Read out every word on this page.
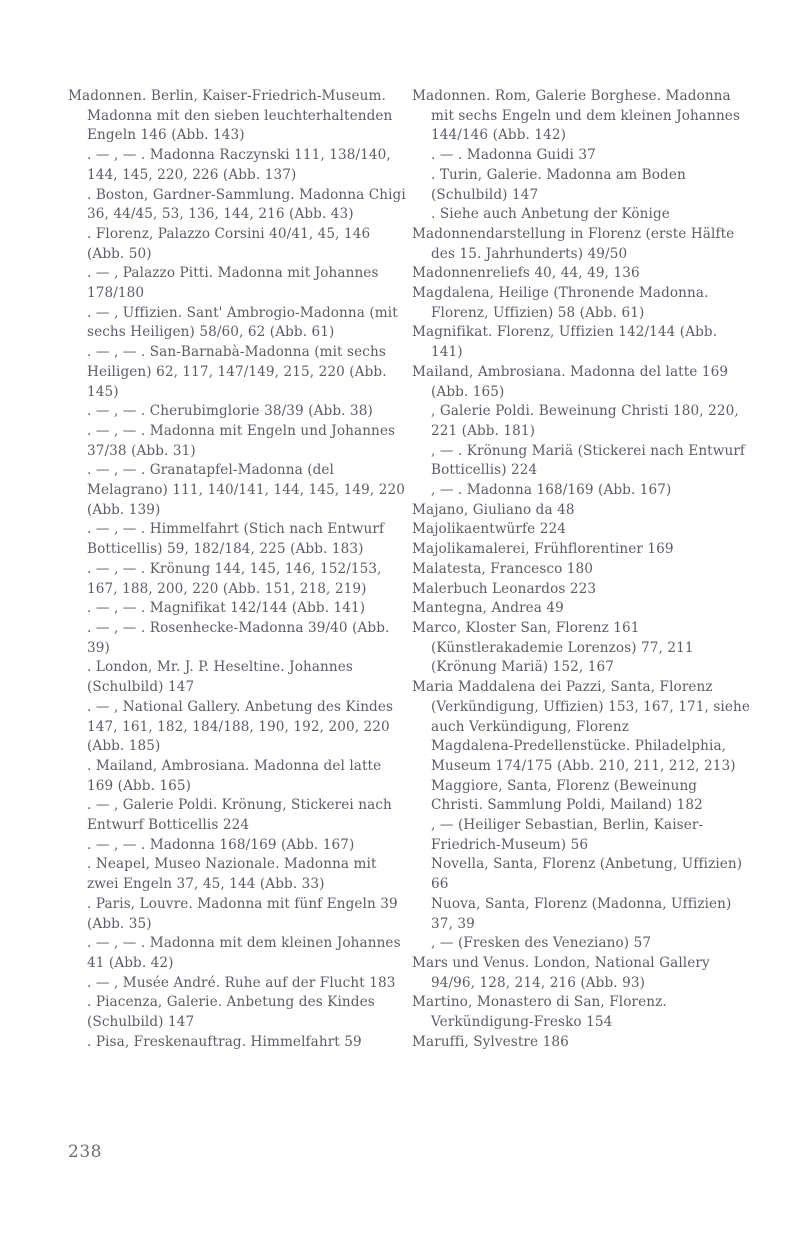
Madonnen. Berlin, Kaiser-Friedrich-Museum. Madonna mit den sieben leuchterhaltenden Engeln 146 (Abb. 143)

. — , — . Madonna Raczynski 111, 138/140, 144, 145, 220, 226 (Abb. 137)

. Boston, Gardner-Sammlung. Madonna Chigi 36, 44/45, 53, 136, 144, 216 (Abb. 43)

. Florenz, Palazzo Corsini 40/41, 45, 146 (Abb. 50)

. — , Palazzo Pitti. Madonna mit Johannes 178/180

. — , Uffizien. Sant' Ambrogio-Madonna (mit sechs Heiligen) 58/60, 62 (Abb. 61)

. — , — . San-Barnabà-Madonna (mit sechs Heiligen) 62, 117, 147/149, 215, 220 (Abb. 145)

. — , — . Cherubimglorie 38/39 (Abb. 38)

. — , — . Madonna mit Engeln und Johannes 37/38 (Abb. 31)

. — , — . Granatapfel-Madonna (del Melagrano) 111, 140/141, 144, 145, 149, 220 (Abb. 139)

. — , — . Himmelfahrt (Stich nach Entwurf Botticellis) 59, 182/184, 225 (Abb. 183)

. — , — . Krönung 144, 145, 146, 152/153, 167, 188, 200, 220 (Abb. 151, 218, 219)

. — , — . Magnifikat 142/144 (Abb. 141)

. — , — . Rosenhecke-Madonna 39/40 (Abb. 39)

. London, Mr. J. P. Heseltine. Johannes (Schulbild) 147

. — , National Gallery. Anbetung des Kindes 147, 161, 182, 184/188, 190, 192, 200, 220 (Abb. 185)

. Mailand, Ambrosiana. Madonna del latte 169 (Abb. 165)

. — , Galerie Poldi. Krönung, Stickerei nach Entwurf Botticellis 224

. — , — . Madonna 168/169 (Abb. 167)

. Neapel, Museo Nazionale. Madonna mit zwei Engeln 37, 45, 144 (Abb. 33)

. Paris, Louvre. Madonna mit fünf Engeln 39 (Abb. 35)

. — , — . Madonna mit dem kleinen Johannes 41 (Abb. 42)

. — , Musée André. Ruhe auf der Flucht 183

. Piacenza, Galerie. Anbetung des Kindes (Schulbild) 147

. Pisa, Freskenauftrag. Himmelfahrt 59

Madonnen. Rom, Galerie Borghese. Madonna mit sechs Engeln und dem kleinen Johannes 144/146 (Abb. 142)

. — . Madonna Guidi 37

. Turin, Galerie. Madonna am Boden (Schulbild) 147

. Siehe auch Anbetung der Könige

Madonnendarstellung in Florenz (erste Hälfte des 15. Jahrhunderts) 49/50

Madonnenreliefs 40, 44, 49, 136

Magdalena, Heilige (Thronende Madonna. Florenz, Uffizien) 58 (Abb. 61)

Magnifikat. Florenz, Uffizien 142/144 (Abb. 141)

Mailand, Ambrosiana. Madonna del latte 169 (Abb. 165)

, Galerie Poldi. Beweinung Christi 180, 220, 221 (Abb. 181)

, — . Krönung Mariä (Stickerei nach Entwurf Botticellis) 224

, — . Madonna 168/169 (Abb. 167)

Majano, Giuliano da 48

Majolikaentwürfe 224

Majolikamalerei, Frühflorentiner 169

Malatesta, Francesco 180

Malerbuch Leonardos 223

Mantegna, Andrea 49

Marco, Kloster San, Florenz 161

(Künstlerakademie Lorenzos) 77, 211

(Krönung Mariä) 152, 167

Maria Maddalena dei Pazzi, Santa, Florenz (Verkündigung, Uffizien) 153, 167, 171, siehe auch Verkündigung, Florenz

Magdalena-Predellenstücke. Philadelphia, Museum 174/175 (Abb. 210, 211, 212, 213)

Maggiore, Santa, Florenz (Beweinung Christi. Sammlung Poldi, Mailand) 182

, — (Heiliger Sebastian, Berlin, Kaiser-Friedrich-Museum) 56

Novella, Santa, Florenz (Anbetung, Uffizien) 66

Nuova, Santa, Florenz (Madonna, Uffizien) 37, 39

, — (Fresken des Veneziano) 57

Mars und Venus. London, National Gallery 94/96, 128, 214, 216 (Abb. 93)

Martino, Monastero di San, Florenz. Verkündigung-Fresko 154

Maruffi, Sylvestre 186

238
